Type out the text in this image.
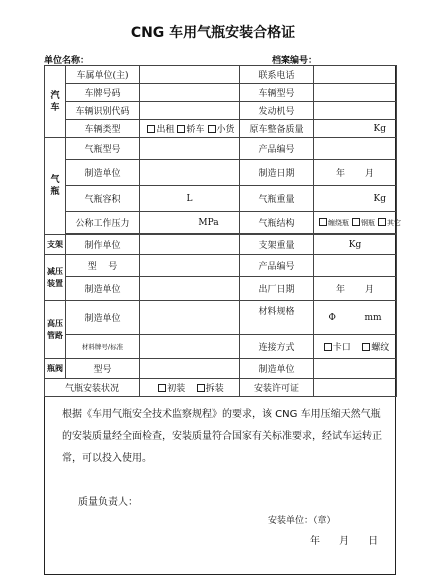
CNG 车用气瓶安装合格证
单位名称：	档案编号：
汽
车	车属单位(主)		联系电话	
	车牌号码		车辆型号	
	车辆识别代码		发动机号	
	车辆类型	出租 轿车 小货	原车整备质量	Kg
气
瓶	气瓶型号		产品编号	
	制造单位		制造日期	年 月
	气瓶容积	L	气瓶重量	Kg
	公称工作压力	MPa	气瓶结构	缠绕瓶 钢瓶 其它

支架	制作单位		支架重量	Kg
减压
装置	型    号		产品编号	
	制造单位		出厂日期	年 月
高压
管路	制造单位		材料规格	Φ          mm
	材料牌号/标准		连接方式	卡口 螺纹
瓶阀	型号		制造单位	
气瓶安装状况		初装 拆装	安装许可证	
根据《车用气瓶安全技术监察规程》的要求，该 CNG 车用压缩天然气瓶的安装质量经全面检查，安装质量符合国家有关标准要求，经试车运转正常，可以投入使用。
质量负责人：
安装单位：（章）
年      月      日
